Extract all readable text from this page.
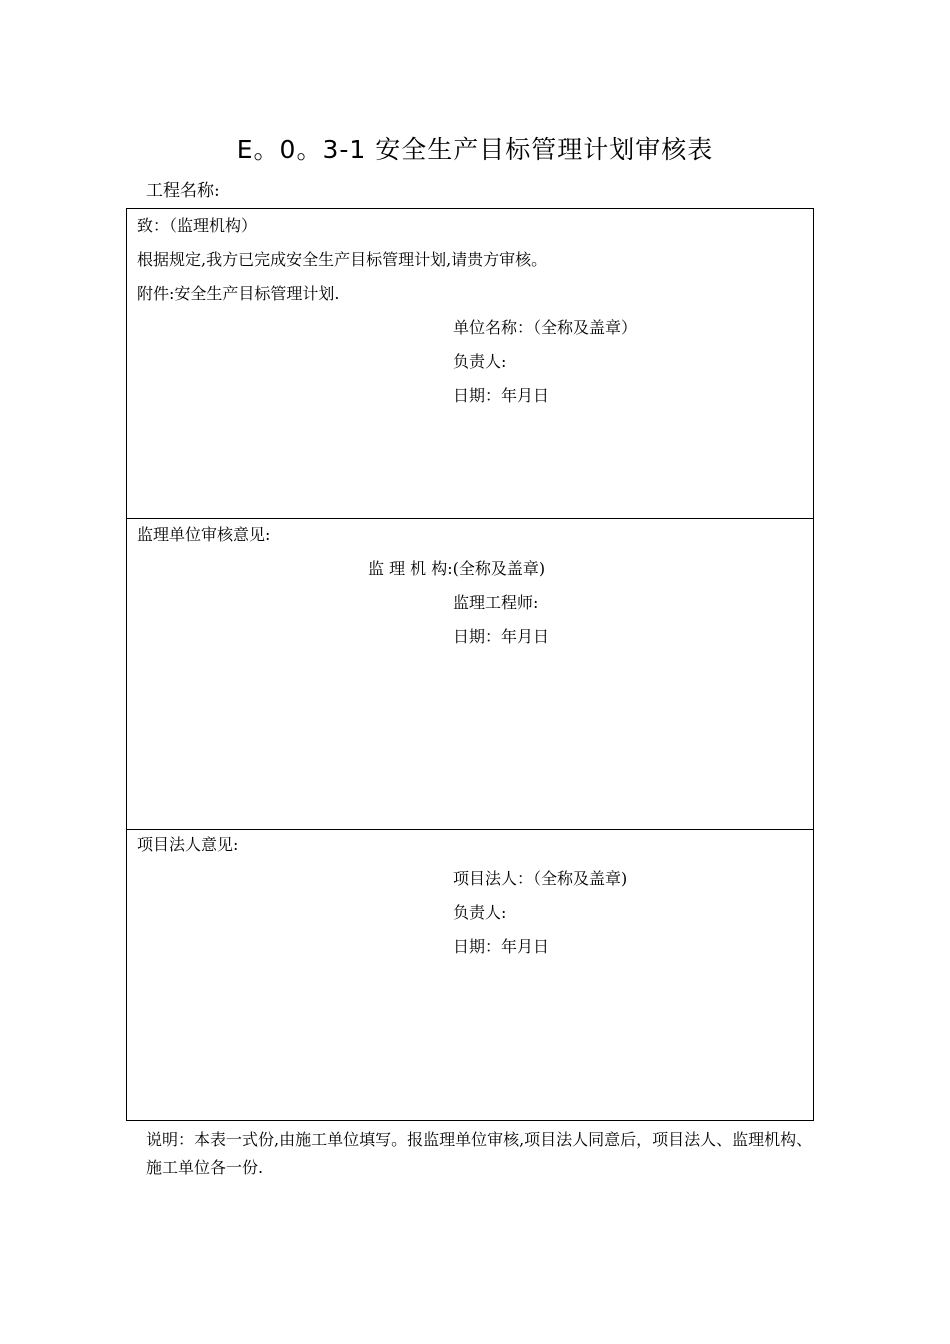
E。0。3-1 安全生产目标管理计划审核表
工程名称:
致：（监理机构）
根据规定,我方已完成安全生产目标管理计划,请贵方审核。
附件:安全生产目标管理计划.
单位名称：（全称及盖章）
负责人:
日期：年月日
监理单位审核意见:
监 理 机 构:(全称及盖章)
监理工程师:
日期：年月日
项目法人意见:
项目法人：（全称及盖章)
负责人:
日期：年月日
说明：本表一式份,由施工单位填写。报监理单位审核,项目法人同意后，项目法人、监理机构、施工单位各一份.
